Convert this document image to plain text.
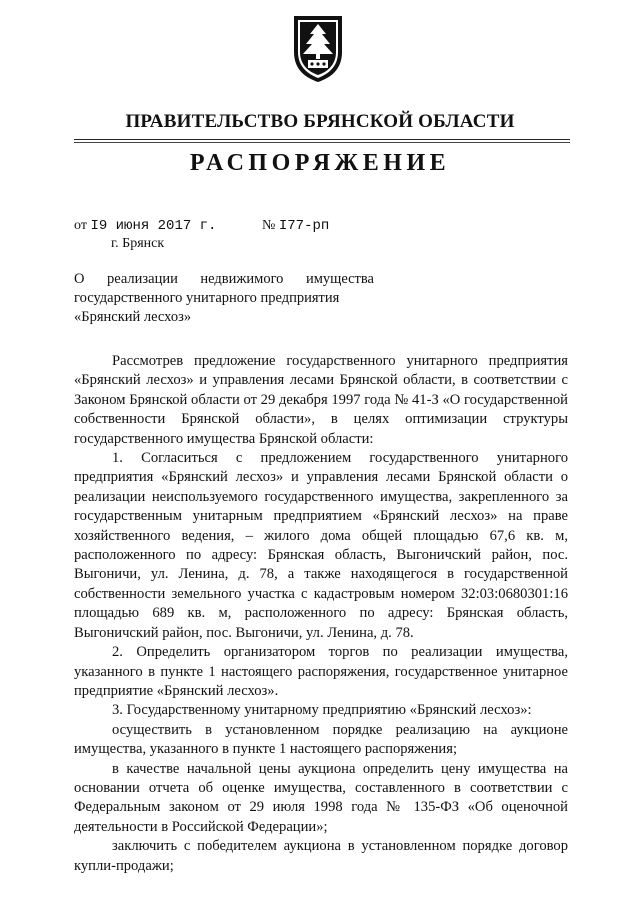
ПРАВИТЕЛЬСТВО БРЯНСКОЙ ОБЛАСТИ
РАСПОРЯЖЕНИЕ
от I9 июня 2017 г.	№ I77-рп
г. Брянск
О реализации недвижимого имущества
государственного унитарного предприятия
«Брянский лесхоз»
Рассмотрев предложение государственного унитарного предприятия «Брянский лесхоз» и управления лесами Брянской области, в соответствии с Законом Брянской области от 29 декабря 1997 года № 41-З «О государственной собственности Брянской области», в целях оптимизации структуры государственного имущества Брянской области:
1. Согласиться с предложением государственного унитарного предприятия «Брянский лесхоз» и управления лесами Брянской области о реализации неиспользуемого государственного имущества, закрепленного за государственным унитарным предприятием «Брянский лесхоз» на праве хозяйственного ведения, – жилого дома общей площадью 67,6 кв. м, расположенного по адресу: Брянская область, Выгоничский район, пос. Выгоничи, ул. Ленина, д. 78, а также находящегося в государственной собственности земельного участка с кадастровым номером 32:03:0680301:16 площадью 689 кв. м, расположенного по адресу: Брянская область, Выгоничский район, пос. Выгоничи, ул. Ленина, д. 78.
2. Определить организатором торгов по реализации имущества, указанного в пункте 1 настоящего распоряжения, государственное унитарное предприятие «Брянский лесхоз».
3. Государственному унитарному предприятию «Брянский лесхоз»:
осуществить в установленном порядке реализацию на аукционе имущества, указанного в пункте 1 настоящего распоряжения;
в качестве начальной цены аукциона определить цену имущества на основании отчета об оценке имущества, составленного в соответствии с Федеральным законом от 29 июля 1998 года № 135-ФЗ «Об оценочной деятельности в Российской Федерации»;
заключить с победителем аукциона в установленном порядке договор купли-продажи;
